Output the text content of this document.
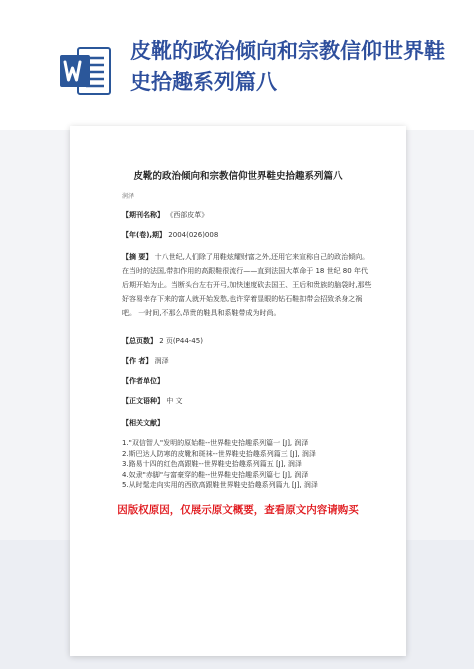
皮靴的政治倾向和宗教信仰世界鞋史拾趣系列篇八
皮靴的政治倾向和宗教信仰世界鞋史拾趣系列篇八
润泽
【期刊名称】 《西部皮革》
【年(卷),期】 2004(026)008
【摘 要】 十八世纪,人们除了用鞋炫耀财富之外,还用它来宣称自己的政治倾向。在当时的法国,带扣作用的高跟鞋很流行——直到法国大革命于 18 世纪 80 年代后期开始为止。当断头台左右开弓,加快速度砍去国王、王后和贵族的脑袋时,那些好容易幸存下来的富人就开始发愁,也许穿着显眼的钻石鞋扣带会招致杀身之祸吧。 一时间,不那么昂贵的鞋具和系鞋带成为时尚。
【总页数】 2 页(P44-45)
【作 者】 润泽
【作者单位】
【正文语种】 中 文
【相关文献】
1."双信智人"发明的原始鞋--世界鞋史拾趣系列篇一 [J], 润泽
2.斯巴达人防寒的皮靴和斑袜--世界鞋史拾趣系列篇三 [J], 润泽
3.路易十四的红色高跟鞋--世界鞋史拾趣系列篇五 [J], 润泽
4.奴隶"赤脚"与富豪穿的鞋--世界鞋史拾趣系列篇七 [J], 润泽
5.从时髦走向实用的西欧高跟鞋世界鞋史拾趣系列篇九 [J], 润泽
因版权原因，仅展示原文概要，查看原文内容请购买
